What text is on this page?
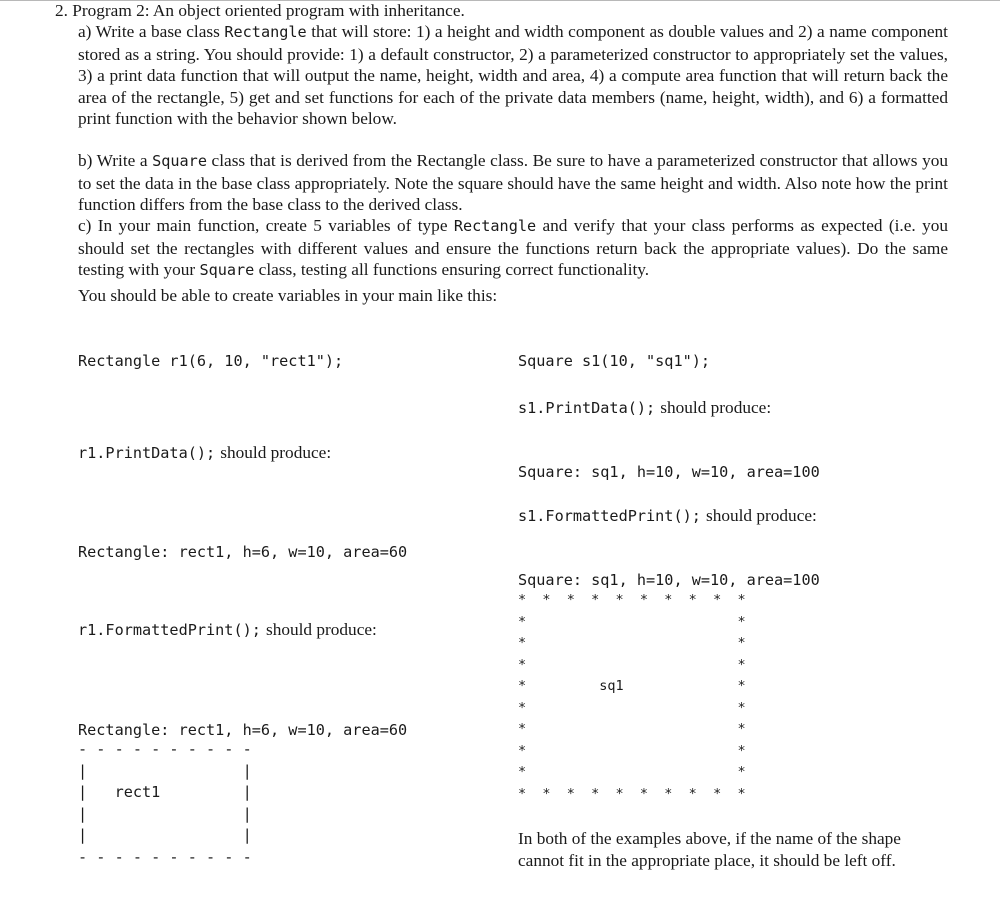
2. Program 2: An object oriented program with inheritance.
a) Write a base class Rectangle that will store: 1) a height and width component as double values and 2) a name component stored as a string. You should provide: 1) a default constructor, 2) a parameterized constructor to appropriately set the values, 3) a print data function that will output the name, height, width and area, 4) a compute area function that will return back the area of the rectangle, 5) get and set functions for each of the private data members (name, height, width), and 6) a formatted print function with the behavior shown below.
b) Write a Square class that is derived from the Rectangle class. Be sure to have a parameterized constructor that allows you to set the data in the base class appropriately. Note the square should have the same height and width. Also note how the print function differs from the base class to the derived class.
c) In your main function, create 5 variables of type Rectangle and verify that your class performs as expected (i.e. you should set the rectangles with different values and ensure the functions return back the appropriate values). Do the same testing with your Square class, testing all functions ensuring correct functionality.
You should be able to create variables in your main like this:
Rectangle r1(6, 10, "rect1");
r1.PrintData(); should produce:
Rectangle: rect1, h=6, w=10, area=60
r1.FormattedPrint(); should produce:
Rectangle: rect1, h=6, w=10, area=60
- - - - - - - - - -
|                 |
|   rect1         |
|                 |
|                 |
- - - - - - - - - -
Square s1(10, "sq1");
s1.PrintData(); should produce:
Square: sq1, h=10, w=10, area=100
s1.FormattedPrint(); should produce:
Square: sq1, h=10, w=10, area=100
*  *  *  *  *  *  *  *  *  *
*                          *
*                          *
*                          *
*         sq1              *
*                          *
*                          *
*                          *
*                          *
*  *  *  *  *  *  *  *  *  *
In both of the examples above, if the name of the shape cannot fit in the appropriate place, it should be left off.
